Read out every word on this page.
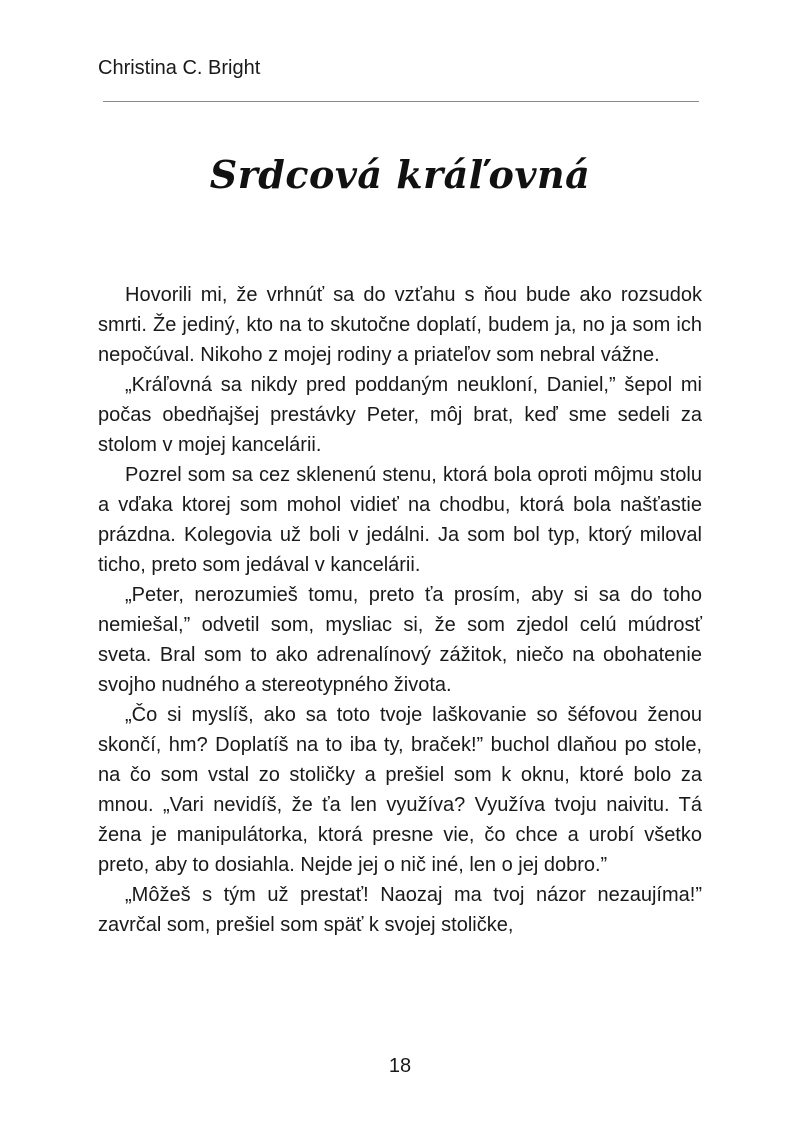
Christina C. Bright
Srdcová kráľovná

Hovorili mi, že vrhnúť sa do vzťahu s ňou bude ako rozsudok smrti. Že jediný, kto na to skutočne doplatí, budem ja, no ja som ich nepočúval. Nikoho z mojej rodiny a priateľov som nebral vážne.

„Kráľovná sa nikdy pred poddaným neukloní, Daniel,” šepol mi počas obedňajšej prestávky Peter, môj brat, keď sme sedeli za stolom v mojej kancelárii.

Pozrel som sa cez sklenenú stenu, ktorá bola oproti môjmu stolu a vďaka ktorej som mohol vidieť na chodbu, ktorá bola našťastie prázdna. Kolegovia už boli v jedálni. Ja som bol typ, ktorý miloval ticho, preto som jedával v kancelárii.

„Peter, nerozumieš tomu, preto ťa prosím, aby si sa do toho nemiešal,” odvetil som, mysliac si, že som zjedol celú múdrosť sveta. Bral som to ako adrenalínový zážitok, niečo na obohatenie svojho nudného a stereotypného života.

„Čo si myslíš, ako sa toto tvoje laškovanie so šéfovou ženou skončí, hm? Doplatíš na to iba ty, braček!” buchol dlaňou po stole, na čo som vstal zo stoličky a prešiel som k oknu, ktoré bolo za mnou. „Vari nevidíš, že ťa len využíva? Využíva tvoju naivitu. Tá žena je manipulátorka, ktorá presne vie, čo chce a urobí všetko preto, aby to dosiahla. Nejde jej o nič iné, len o jej dobro.”

„Môžeš s tým už prestať! Naozaj ma tvoj názor nezaujíma!” zavrčal som, prešiel som späť k svojej stoličke,

18
